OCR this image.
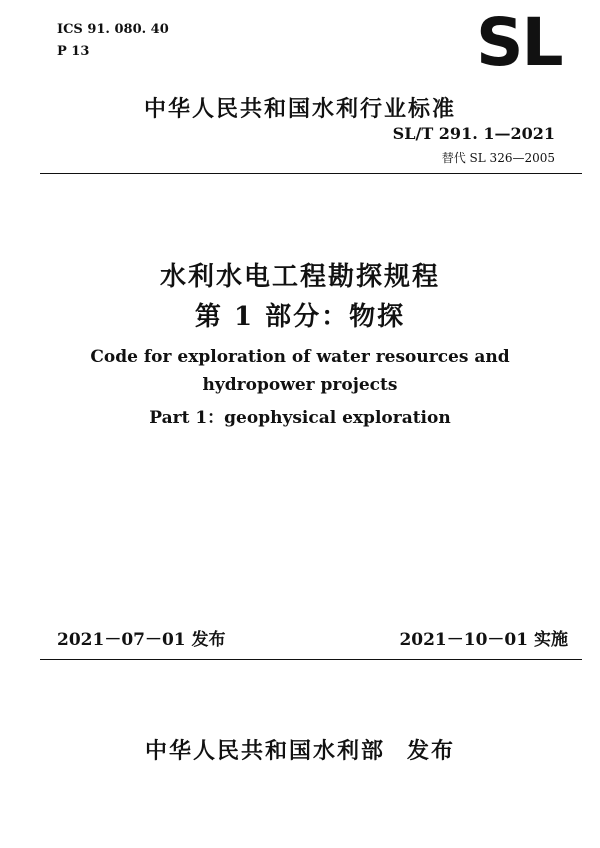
ICS 91. 080. 40
P 13	SL
中华人民共和国水利行业标准
SL/T 291. 1—2021
替代 SL 326—2005
水利水电工程勘探规程
第 1 部分：物探
Code for exploration of water resources and
hydropower projects
Part 1：geophysical exploration
2021－07－01 发布	2021－10－01 实施
中华人民共和国水利部 发布
